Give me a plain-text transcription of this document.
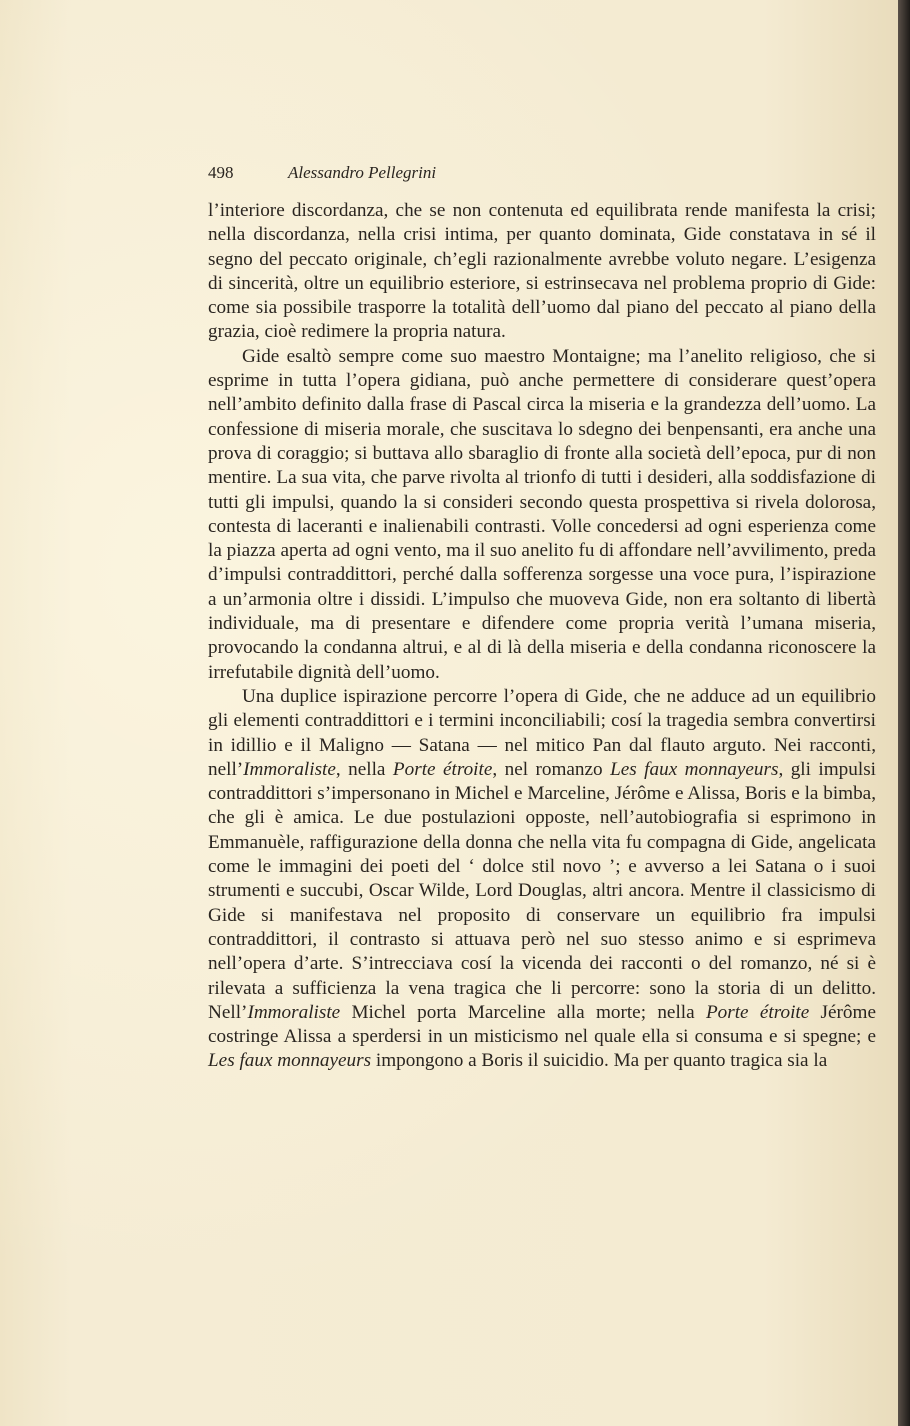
498	Alessandro Pellegrini

l’interiore discordanza, che se non contenuta ed equilibrata rende manifesta la crisi; nella discordanza, nella crisi intima, per quanto dominata, Gide constatava in sé il segno del peccato originale, ch’egli razionalmente avrebbe voluto negare. L’esigenza di sincerità, oltre un equilibrio esteriore, si estrinsecava nel problema proprio di Gide: come sia possibile trasporre la totalità dell’uomo dal piano del peccato al piano della grazia, cioè redimere la propria natura.

Gide esaltò sempre come suo maestro Montaigne; ma l’anelito religioso, che si esprime in tutta l’opera gidiana, può anche permettere di considerare quest’opera nell’ambito definito dalla frase di Pascal circa la miseria e la grandezza dell’uomo. La confessione di miseria morale, che suscitava lo sdegno dei benpensanti, era anche una prova di coraggio; si buttava allo sbaraglio di fronte alla società dell’epoca, pur di non mentire. La sua vita, che parve rivolta al trionfo di tutti i desideri, alla soddisfazione di tutti gli impulsi, quando la si consideri secondo questa prospettiva si rivela dolorosa, contesta di laceranti e inalienabili contrasti. Volle concedersi ad ogni esperienza come la piazza aperta ad ogni vento, ma il suo anelito fu di affondare nell’avvilimento, preda d’impulsi contraddittori, perché dalla sofferenza sorgesse una voce pura, l’ispirazione a un’armonia oltre i dissidi. L’impulso che muoveva Gide, non era soltanto di libertà individuale, ma di presentare e difendere come propria verità l’umana miseria, provocando la condanna altrui, e al di là della miseria e della condanna riconoscere la irrefutabile dignità dell’uomo.

Una duplice ispirazione percorre l’opera di Gide, che ne adduce ad un equilibrio gli elementi contraddittori e i termini inconciliabili; cosí la tragedia sembra convertirsi in idillio e il Maligno — Satana — nel mitico Pan dal flauto arguto. Nei racconti, nell’Immoraliste, nella Porte étroite, nel romanzo Les faux monnayeurs, gli impulsi contraddittori s’impersonano in Michel e Marceline, Jérôme e Alissa, Boris e la bimba, che gli è amica. Le due postulazioni opposte, nell’autobiografia si esprimono in Emmanuèle, raffigurazione della donna che nella vita fu compagna di Gide, angelicata come le immagini dei poeti del ‘ dolce stil novo ’; e avverso a lei Satana o i suoi strumenti e succubi, Oscar Wilde, Lord Douglas, altri ancora. Mentre il classicismo di Gide si manifestava nel proposito di conservare un equilibrio fra impulsi contraddittori, il contrasto si attuava però nel suo stesso animo e si esprimeva nell’opera d’arte. S’intrecciava cosí la vicenda dei racconti o del romanzo, né si è rilevata a sufficienza la vena tragica che li percorre: sono la storia di un delitto. Nell’Immoraliste Michel porta Marceline alla morte; nella Porte étroite Jérôme costringe Alissa a sperdersi in un misticismo nel quale ella si consuma e si spegne; e Les faux monnayeurs impongono a Boris il suicidio. Ma per quanto tragica sia la
